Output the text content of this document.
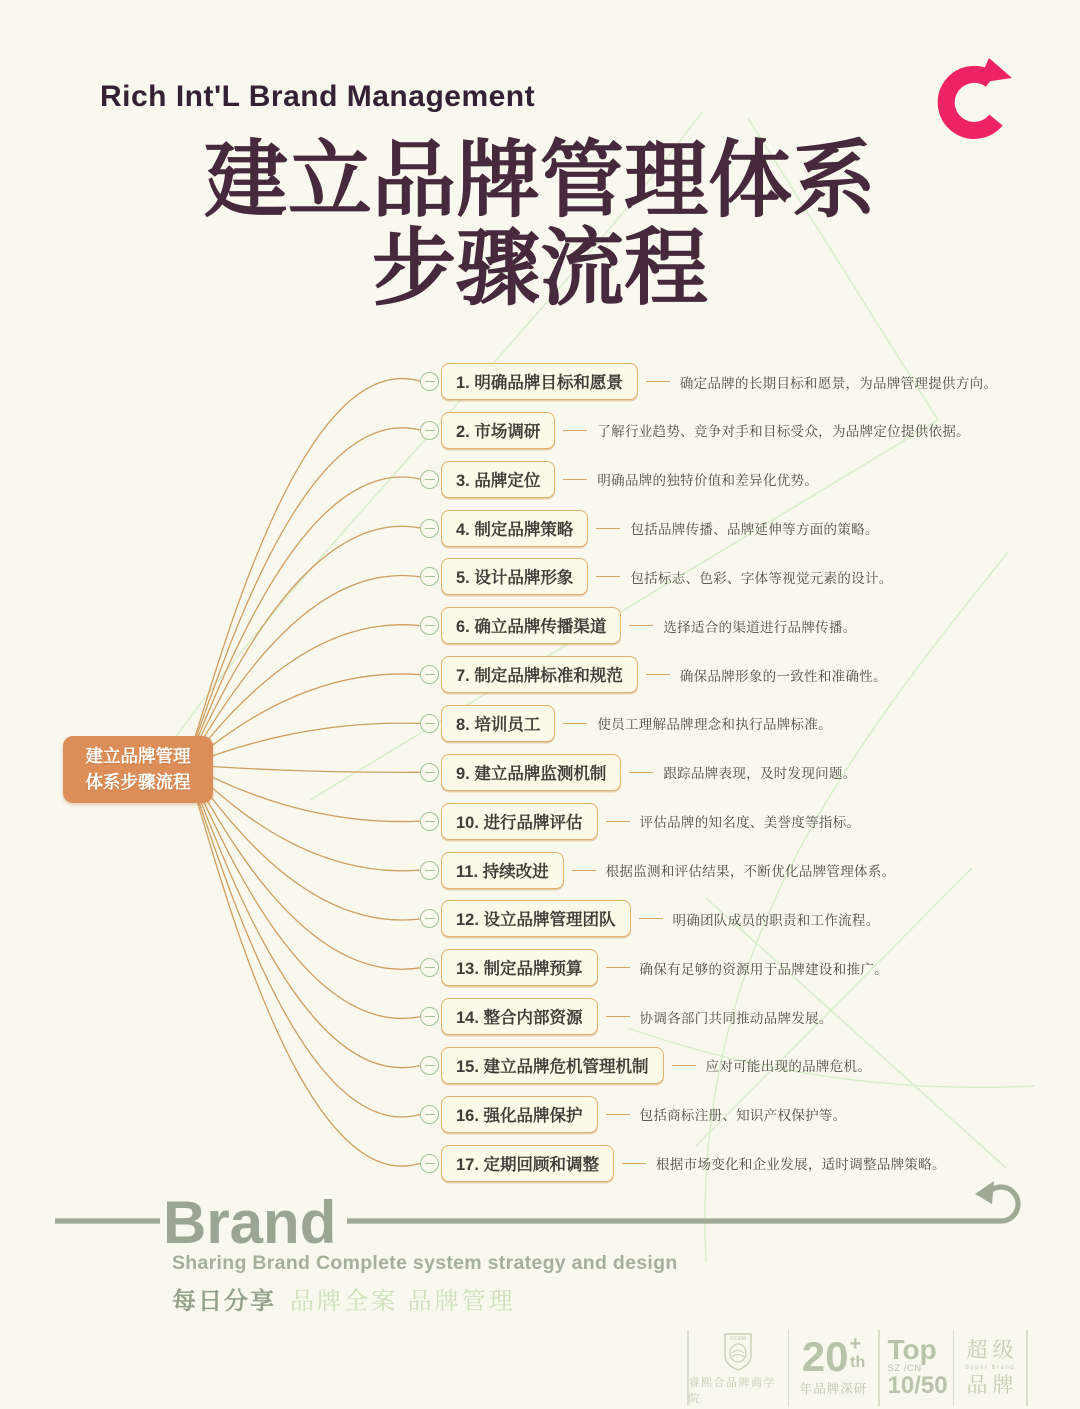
Rich Int'L Brand Management
建立品牌管理体系
步骤流程
建立品牌管理
体系步骤流程
1. 明确品牌目标和愿景	确定品牌的长期目标和愿景，为品牌管理提供方向。
2. 市场调研	了解行业趋势、竞争对手和目标受众，为品牌定位提供依据。
3. 品牌定位	明确品牌的独特价值和差异化优势。
4. 制定品牌策略	包括品牌传播、品牌延伸等方面的策略。
5. 设计品牌形象	包括标志、色彩、字体等视觉元素的设计。
6. 确立品牌传播渠道	选择适合的渠道进行品牌传播。
7. 制定品牌标准和规范	确保品牌形象的一致性和准确性。
8. 培训员工	使员工理解品牌理念和执行品牌标准。
9. 建立品牌监测机制	跟踪品牌表现，及时发现问题。
10. 进行品牌评估	评估品牌的知名度、美誉度等指标。
11. 持续改进	根据监测和评估结果，不断优化品牌管理体系。
12. 设立品牌管理团队	明确团队成员的职责和工作流程。
13. 制定品牌预算	确保有足够的资源用于品牌建设和推广。
14. 整合内部资源	协调各部门共同推动品牌发展。
15. 建立品牌危机管理机制	应对可能出现的品牌危机。
16. 强化品牌保护	包括商标注册、知识产权保护等。
17. 定期回顾和调整	根据市场变化和企业发展，适时调整品牌策略。
Brand
Sharing Brand Complete system strategy and design
每日分享 品牌全案 品牌管理
RC&M
睿熙合品牌商学院
20 +
th
年品牌深研
Top
SZ /CN
10/50
超级
Super Brand
品牌
